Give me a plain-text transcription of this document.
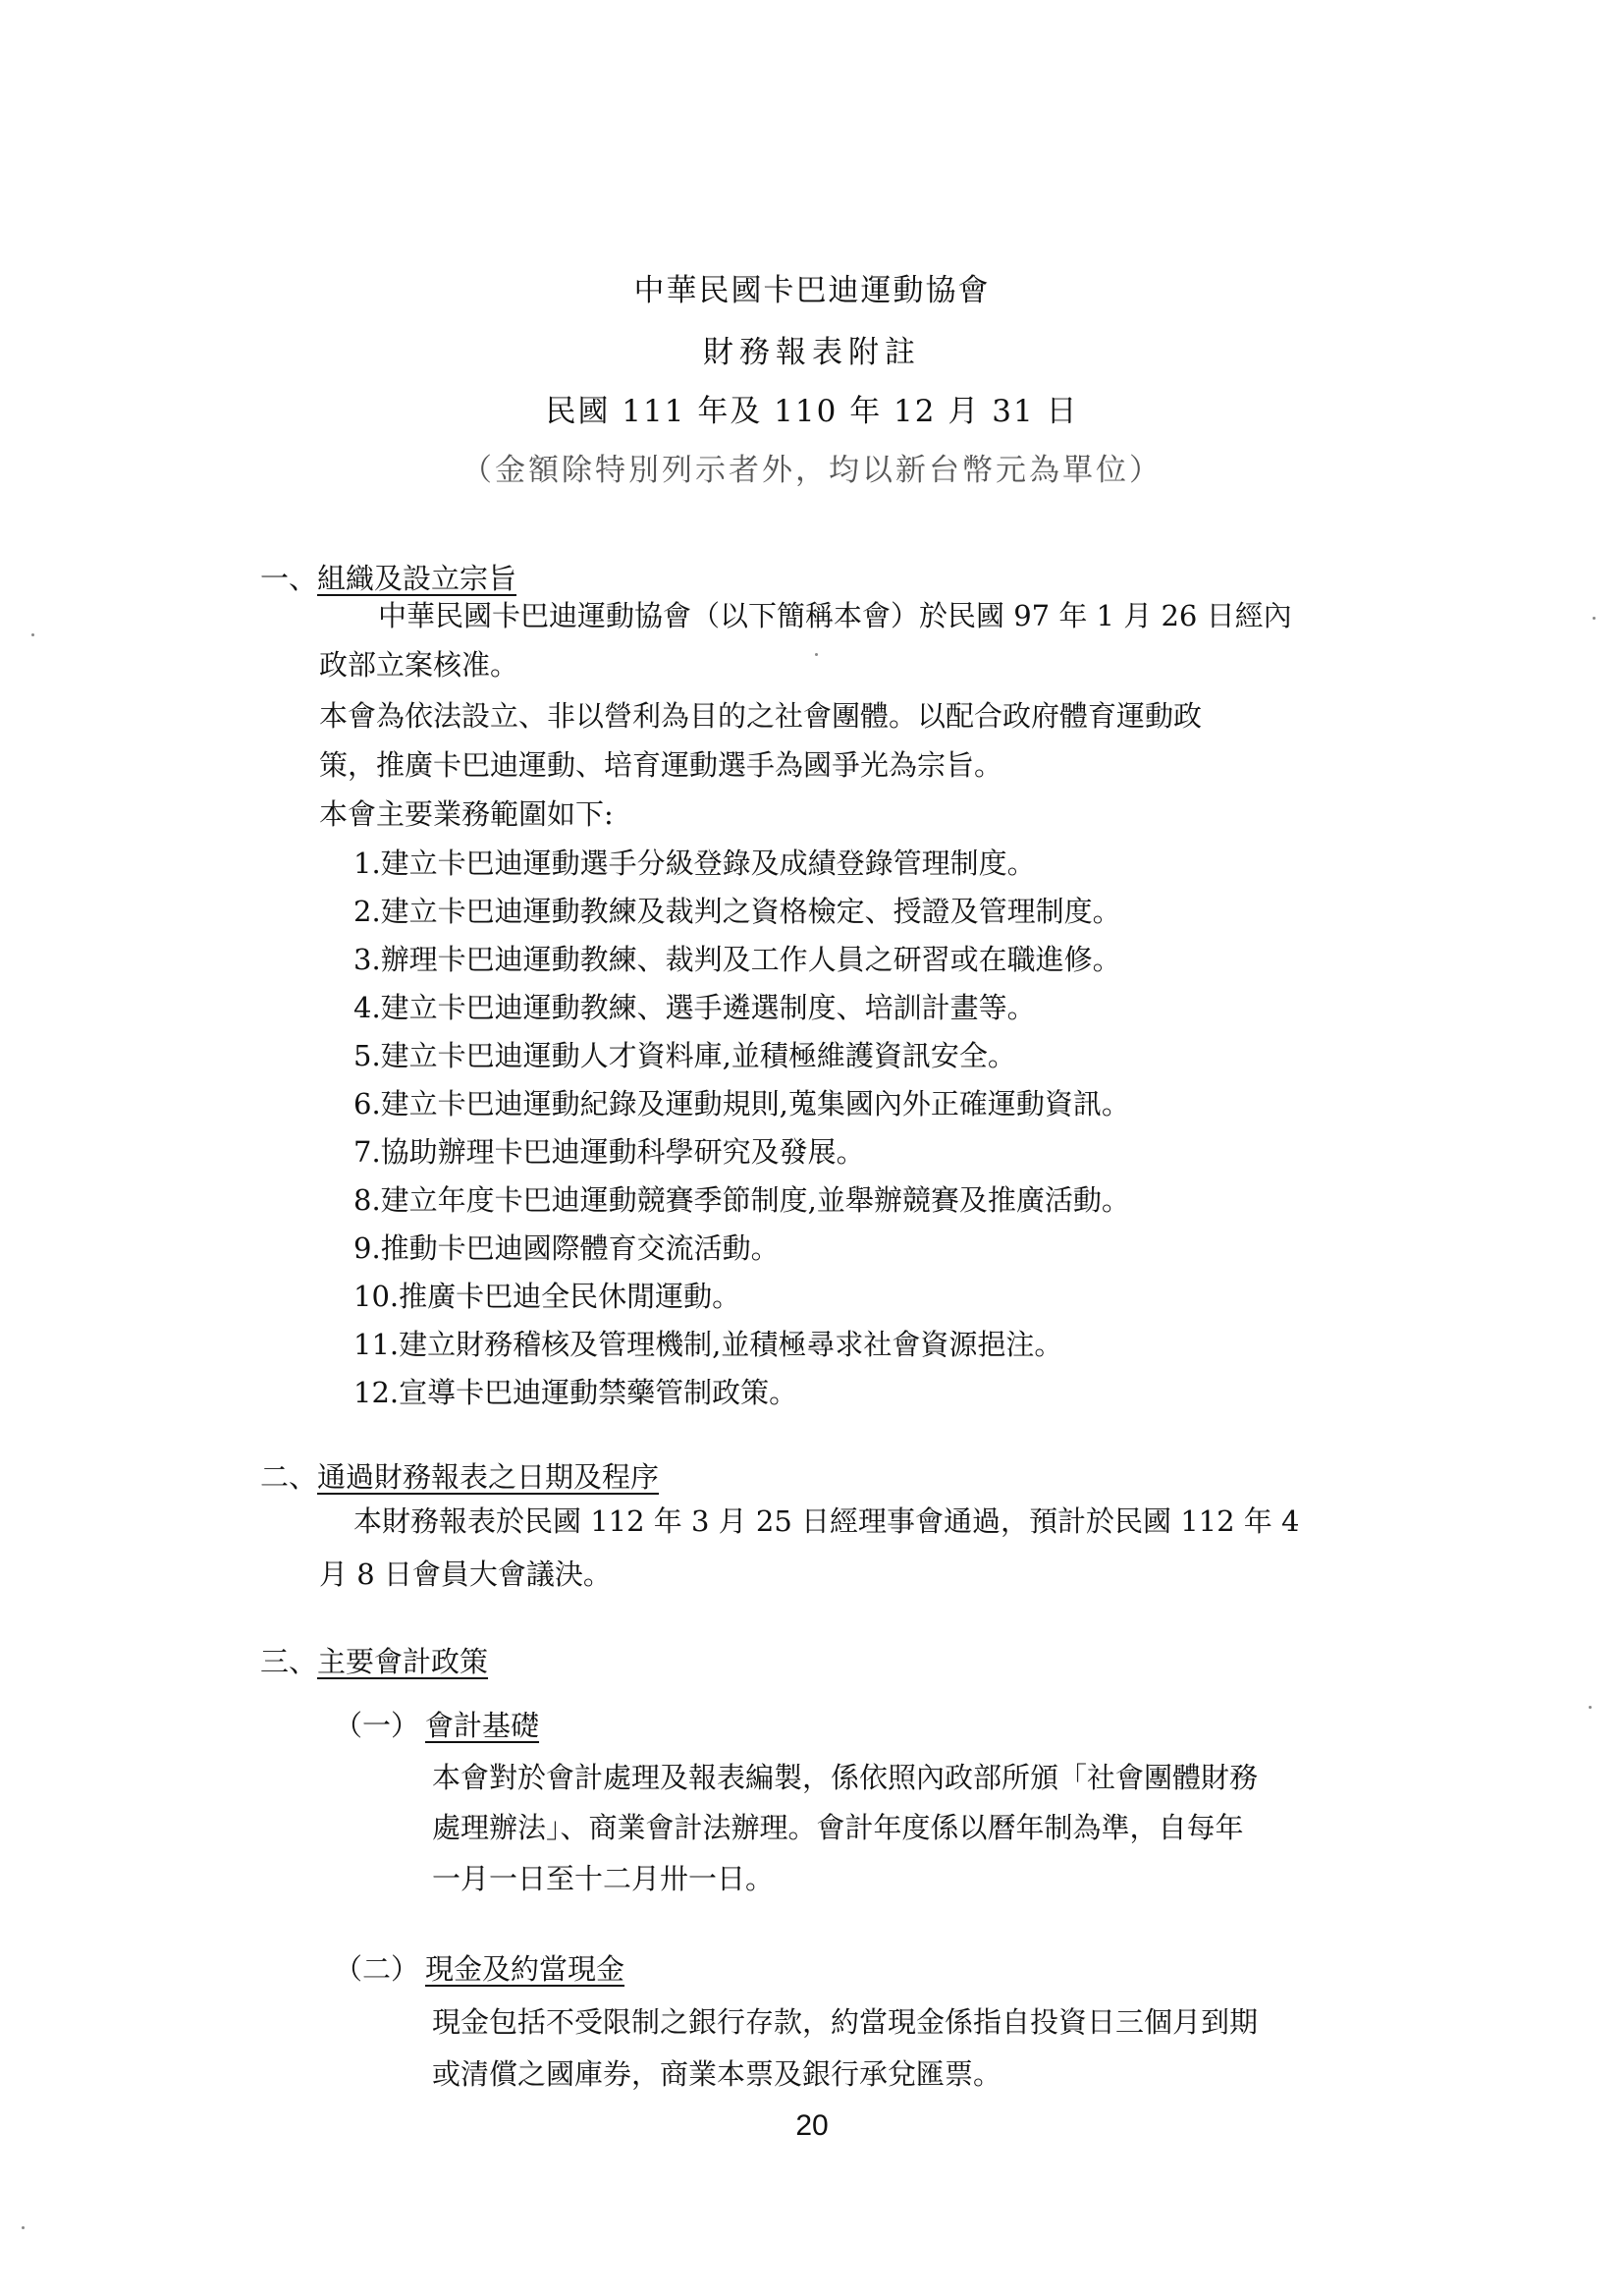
中華民國卡巴迪運動協會
財務報表附註
民國 111 年及 110 年 12 月 31 日
（金額除特別列示者外，均以新台幣元為單位）
一、組織及設立宗旨
中華民國卡巴迪運動協會（以下簡稱本會）於民國 97 年 1 月 26 日經內
政部立案核准。
本會為依法設立、非以營利為目的之社會團體。以配合政府體育運動政
策，推廣卡巴迪運動、培育運動選手為國爭光為宗旨。
本會主要業務範圍如下:
1.建立卡巴迪運動選手分級登錄及成績登錄管理制度。
2.建立卡巴迪運動教練及裁判之資格檢定、授證及管理制度。
3.辦理卡巴迪運動教練、裁判及工作人員之研習或在職進修。
4.建立卡巴迪運動教練、選手遴選制度、培訓計畫等。
5.建立卡巴迪運動人才資料庫,並積極維護資訊安全。
6.建立卡巴迪運動紀錄及運動規則,蒐集國內外正確運動資訊。
7.協助辦理卡巴迪運動科學研究及發展。
8.建立年度卡巴迪運動競賽季節制度,並舉辦競賽及推廣活動。
9.推動卡巴迪國際體育交流活動。
10.推廣卡巴迪全民休閒運動。
11.建立財務稽核及管理機制,並積極尋求社會資源挹注。
12.宣導卡巴迪運動禁藥管制政策。
二、通過財務報表之日期及程序
本財務報表於民國 112 年 3 月 25 日經理事會通過，預計於民國 112 年 4
月 8 日會員大會議決。
三、主要會計政策
（一） 會計基礎
本會對於會計處理及報表編製，係依照內政部所頒「社會團體財務
處理辦法」、商業會計法辦理。會計年度係以曆年制為準，自每年
一月一日至十二月卅一日。
（二） 現金及約當現金
現金包括不受限制之銀行存款，約當現金係指自投資日三個月到期
或清償之國庫券，商業本票及銀行承兌匯票。
20
